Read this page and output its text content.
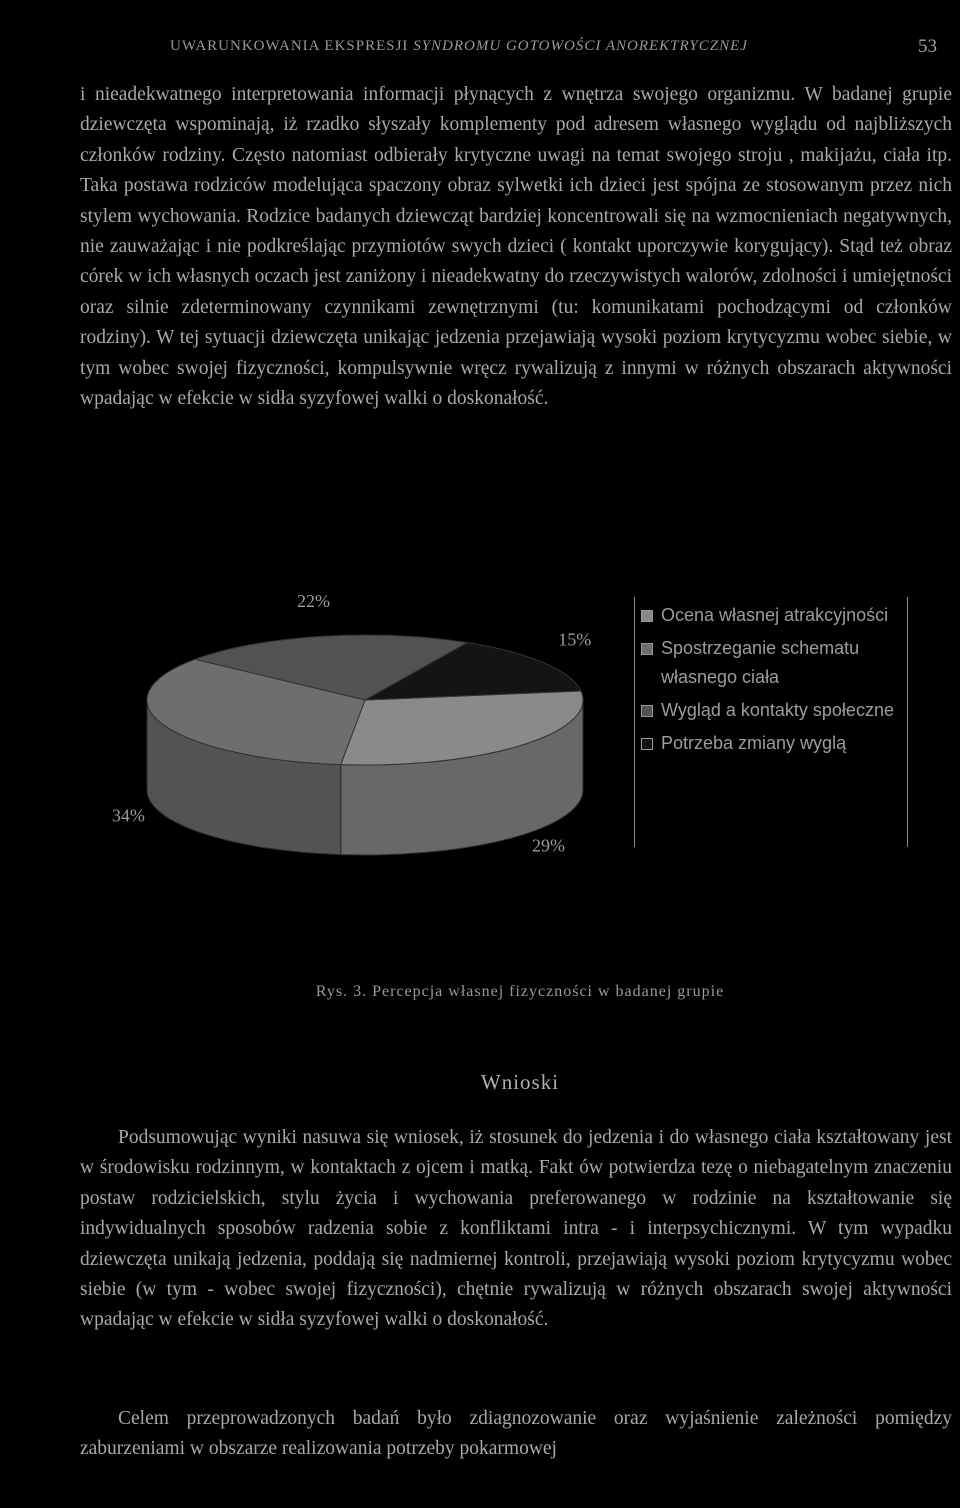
UWARUNKOWANIA EKSPRESJI SYNDROMU GOTOWOŚCI ANOREKTRYCZNEJ	53

i nieadekwatnego interpretowania informacji płynących z wnętrza swojego organizmu. W badanej grupie dziewczęta wspominają, iż rzadko słyszały komplementy pod adresem własnego wyglądu od najbliższych członków rodziny. Często natomiast odbierały krytyczne uwagi na temat swojego stroju , makijażu, ciała itp. Taka postawa rodziców modelująca spaczony obraz sylwetki ich dzieci jest spójna ze stosowanym przez nich stylem wychowania. Rodzice badanych dziewcząt bardziej koncentrowali się na wzmocnieniach negatywnych, nie zauważając i nie podkreślając przymiotów swych dzieci ( kontakt uporczywie korygujący). Stąd też obraz córek w ich własnych oczach jest zaniżony i nieadekwatny do rzeczywistych walorów, zdolności i umiejętności oraz silnie zdeterminowany czynnikami zewnętrznymi (tu: komunikatami pochodzącymi od członków rodziny). W tej sytuacji dziewczęta unikając jedzenia przejawiają wysoki poziom krytycyzmu wobec siebie, w tym wobec swojej fizyczności, kompulsywnie wręcz rywalizują z innymi w różnych obszarach aktywności wpadając w efekcie w sidła syzyfowej walki o doskonałość.

29%
34%
22%
15%
Ocena własnej atrakcyjności
Spostrzeganie schematu własnego ciała
Wygląd a kontakty społeczne
Potrzeba zmiany wyglą
Rys. 3. Percepcja własnej fizyczności w badanej grupie
Wnioski

Podsumowując wyniki nasuwa się wniosek, iż stosunek do jedzenia i do własnego ciała kształtowany jest w środowisku rodzinnym, w kontaktach z ojcem i matką. Fakt ów potwierdza tezę o niebagatelnym znaczeniu postaw rodzicielskich, stylu życia i wychowania preferowanego w rodzinie na kształtowanie się indywidualnych sposobów radzenia sobie z konfliktami intra - i interpsychicznymi. W tym wypadku dziewczęta unikają jedzenia, poddają się nadmiernej kontroli, przejawiają wysoki poziom krytycyzmu wobec siebie (w tym - wobec swojej fizyczności), chętnie rywalizują w różnych obszarach swojej aktywności wpadając w efekcie w sidła syzyfowej walki o doskonałość.

Celem przeprowadzonych badań było zdiagnozowanie oraz wyjaśnienie zależności pomiędzy zaburzeniami w obszarze realizowania potrzeby pokarmowej
